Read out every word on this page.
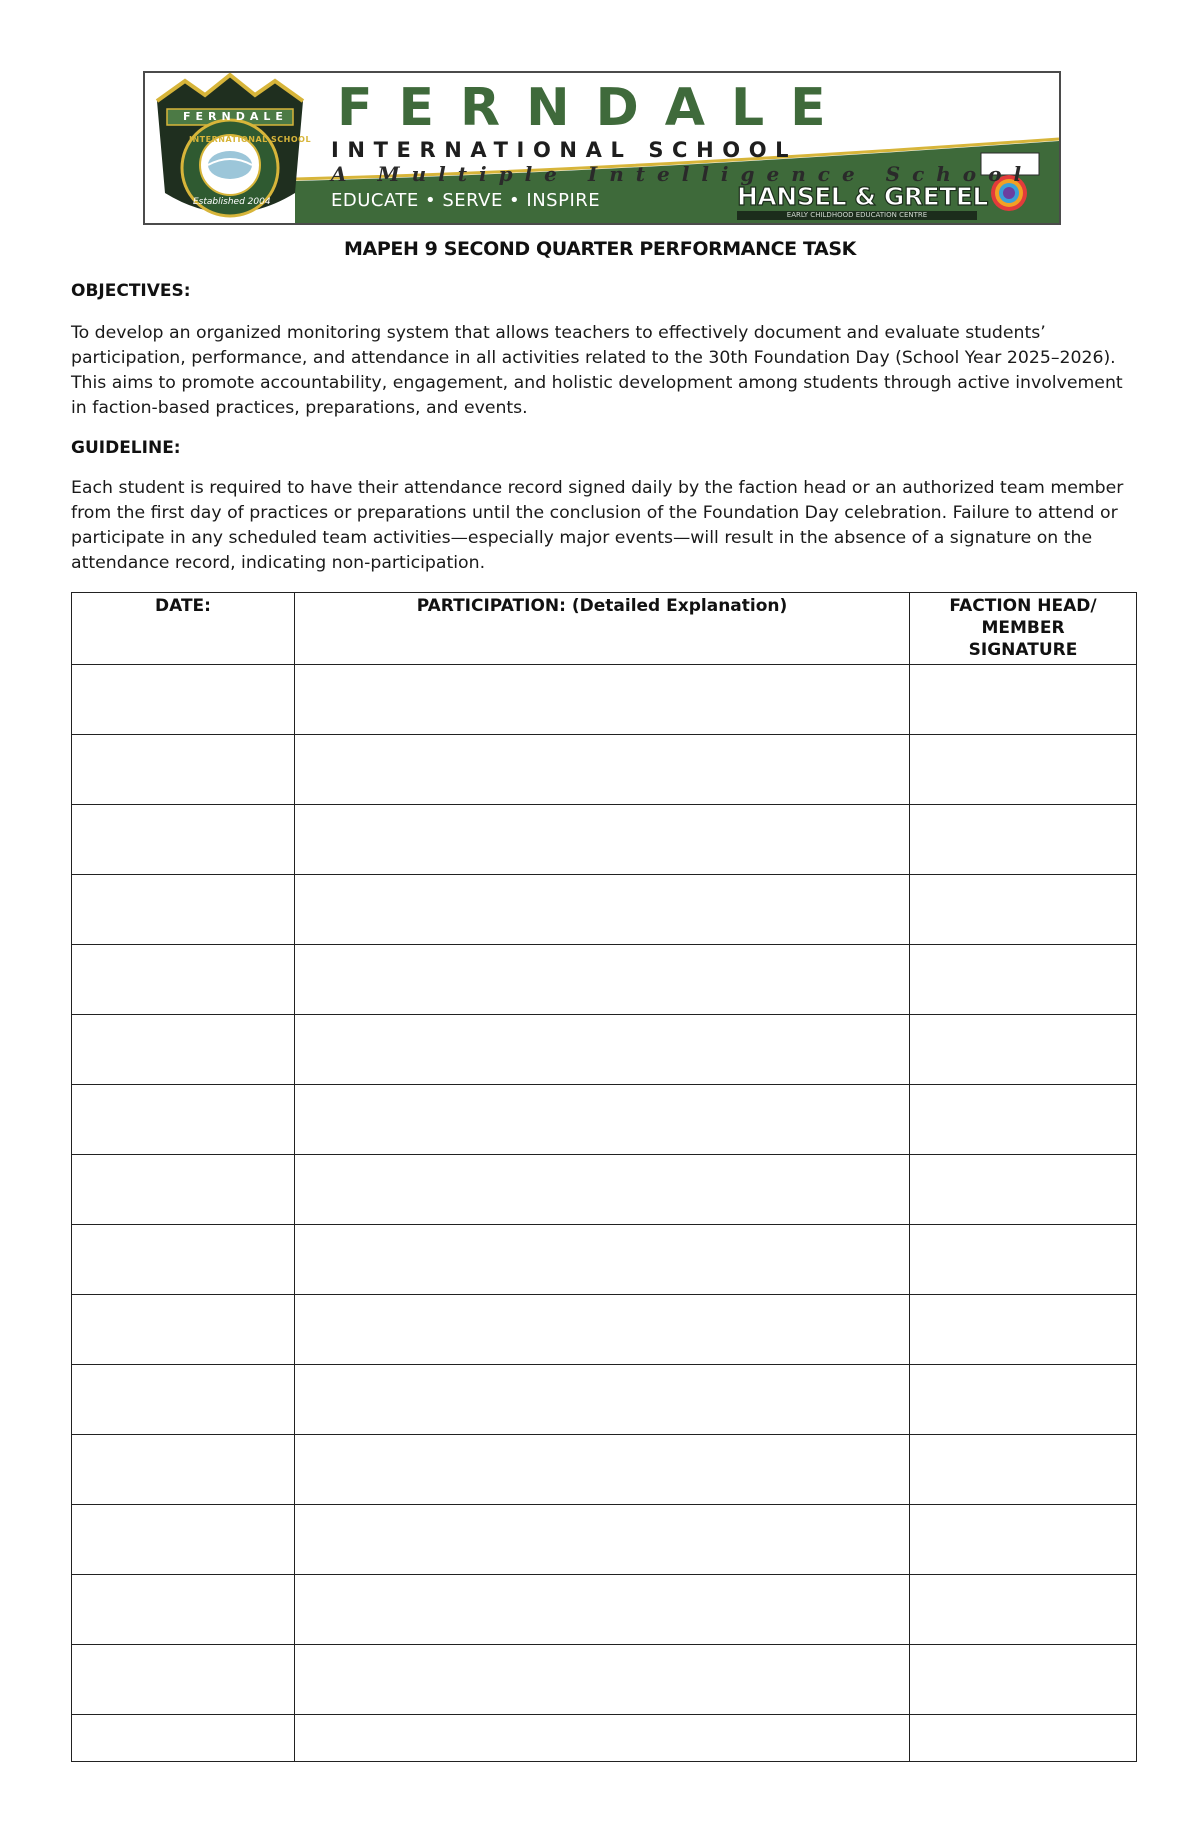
FERNDALE
INTERNATIONAL SCHOOL
Established 2004
FERNDALE
INTERNATIONAL SCHOOL
A Multiple Intelligence School
EDUCATE • SERVE • INSPIRE	HANSEL & GRETEL
EARLY CHILDHOOD EDUCATION CENTRE
MAPEH 9 SECOND QUARTER PERFORMANCE TASK
OBJECTIVES:

To develop an organized monitoring system that allows teachers to effectively document and evaluate students’ participation, performance, and attendance in all activities related to the 30th Foundation Day (School Year 2025–2026). This aims to promote accountability, engagement, and holistic development among students through active involvement in faction-based practices, preparations, and events.

GUIDELINE:

Each student is required to have their attendance record signed daily by the faction head or an authorized team member from the first day of practices or preparations until the conclusion of the Foundation Day celebration. Failure to attend or participate in any scheduled team activities—especially major events—will result in the absence of a signature on the attendance record, indicating non-participation.

DATE:	PARTICIPATION: (Detailed Explanation)	FACTION HEAD/
MEMBER
SIGNATURE
